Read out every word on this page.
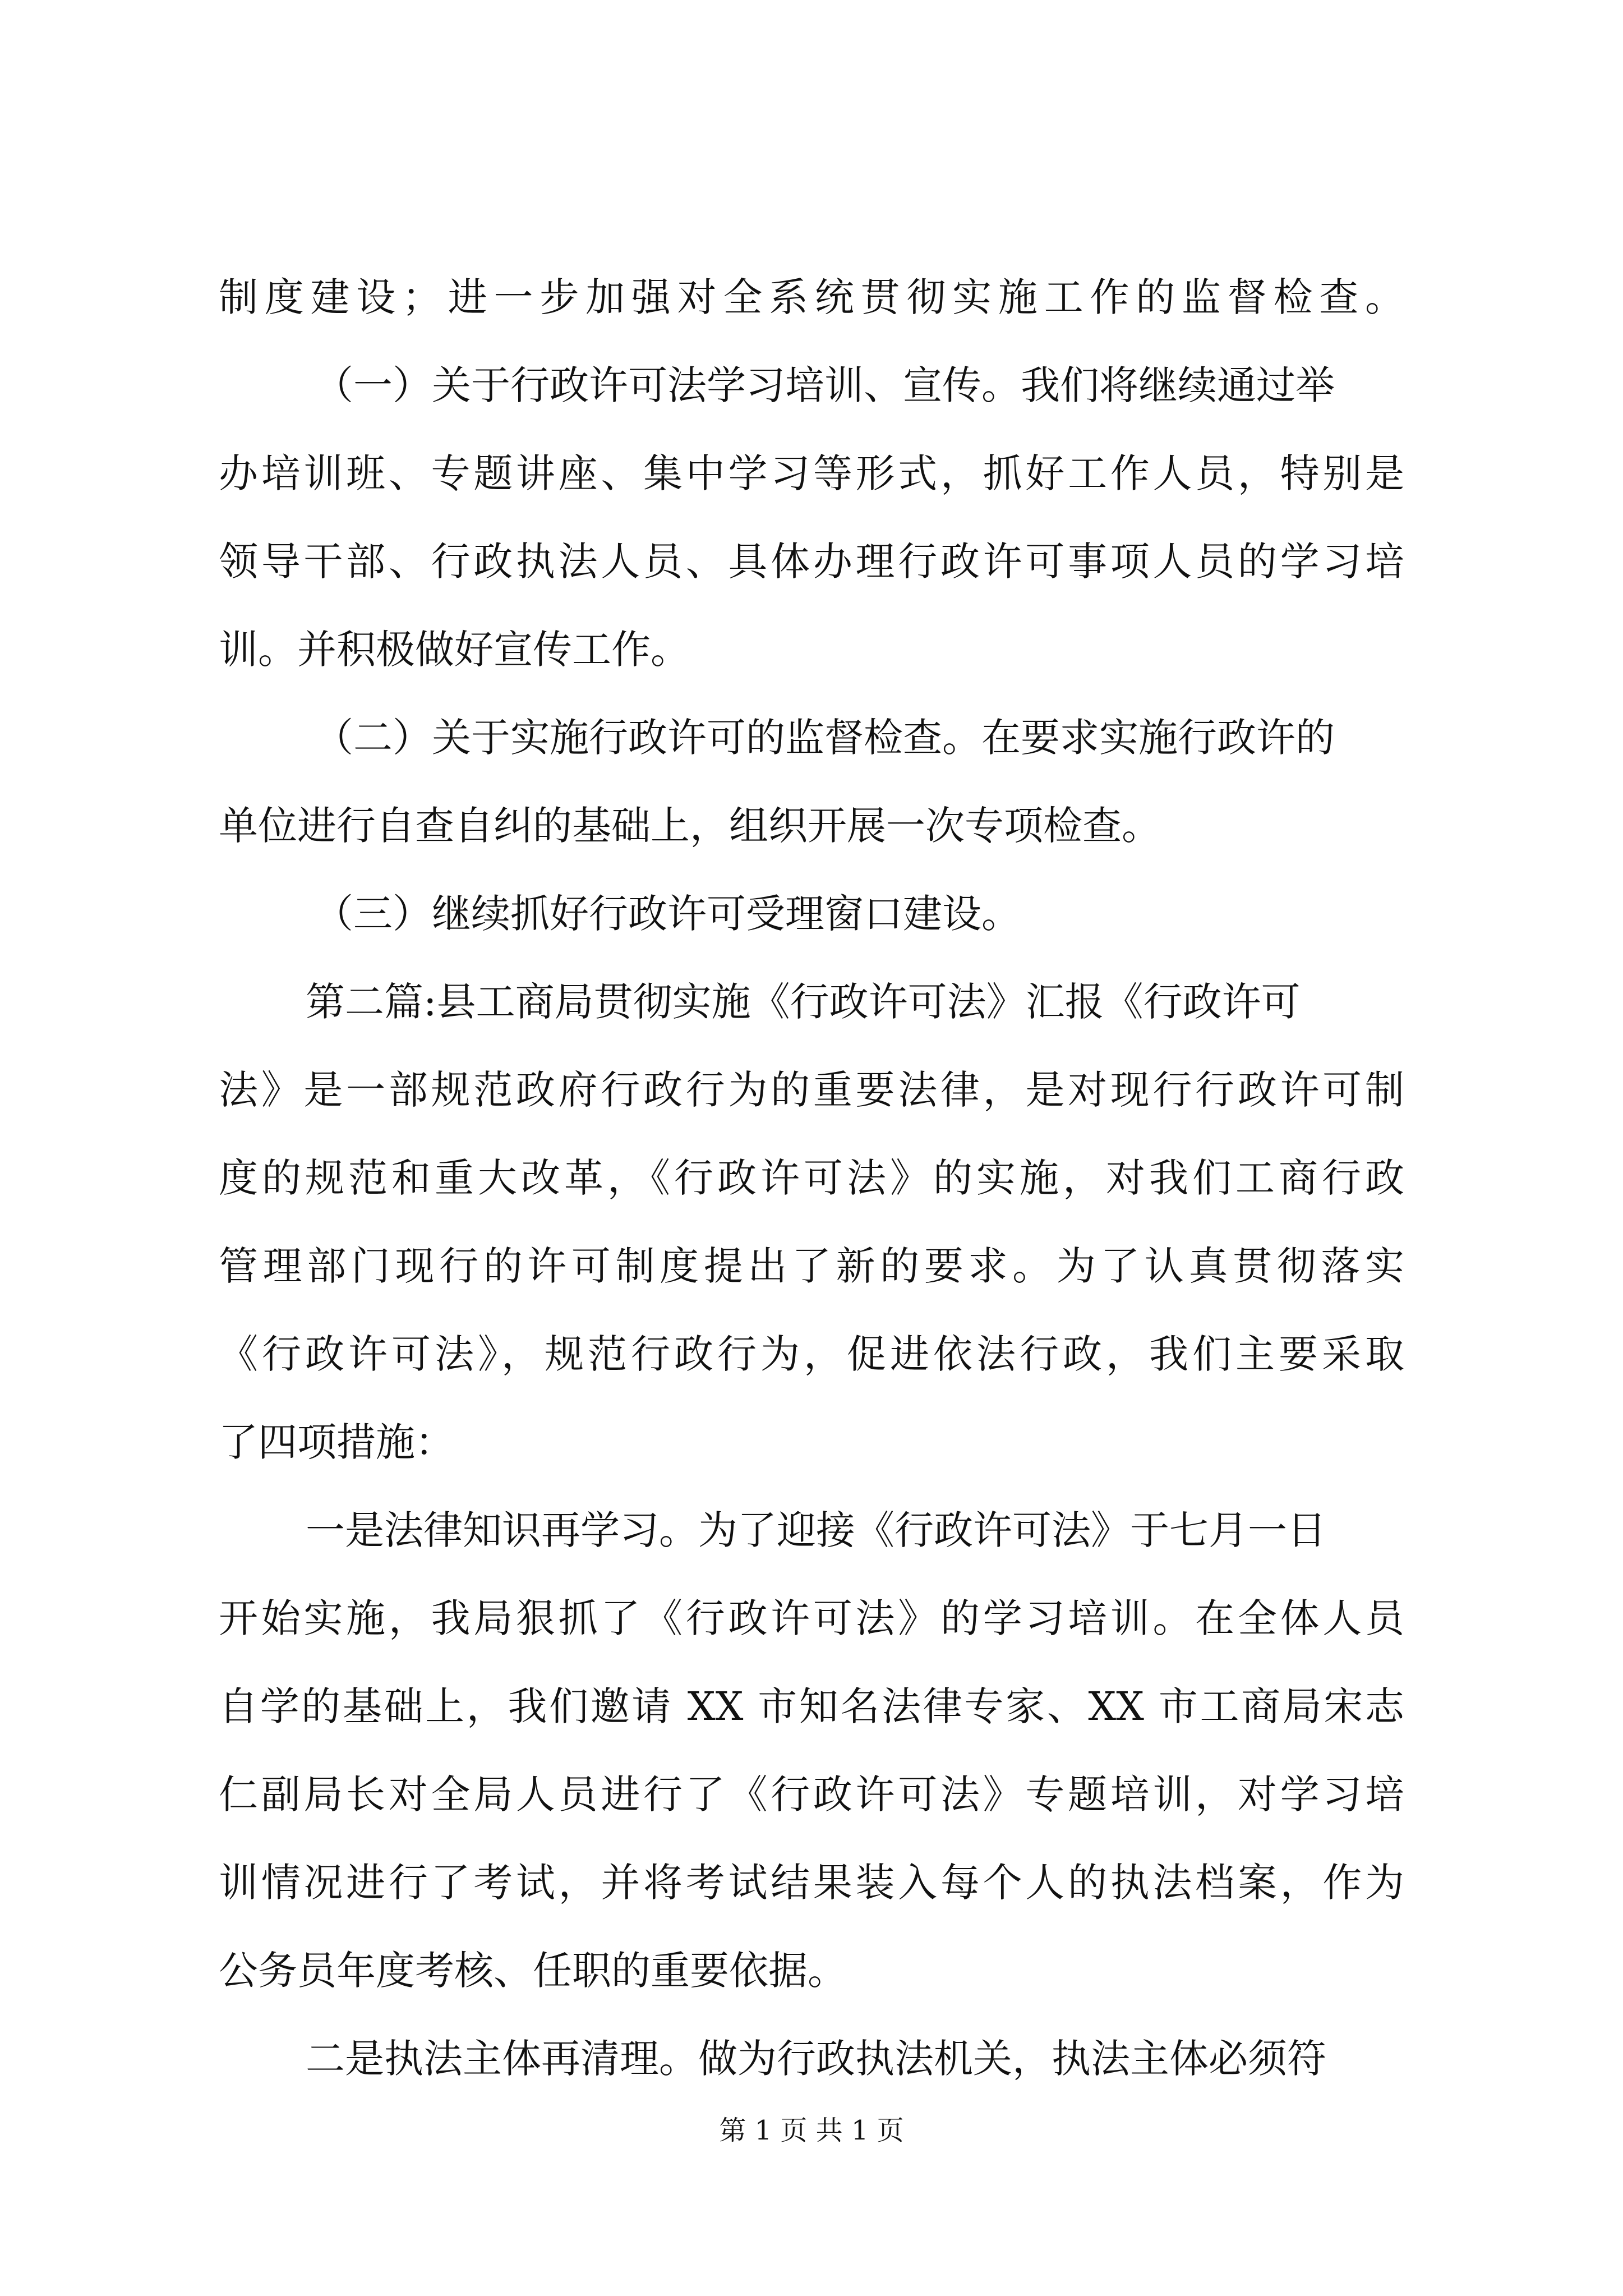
制度建设；进一步加强对全系统贯彻实施工作的监督检查。
（一）关于行政许可法学习培训、宣传。我们将继续通过举
办培训班、专题讲座、集中学习等形式，抓好工作人员，特别是
领导干部、行政执法人员、具体办理行政许可事项人员的学习培
训。并积极做好宣传工作。
（二）关于实施行政许可的监督检查。在要求实施行政许的
单位进行自查自纠的基础上，组织开展一次专项检查。
（三）继续抓好行政许可受理窗口建设。
第二篇:县工商局贯彻实施《行政许可法》汇报《行政许可
法》是一部规范政府行政行为的重要法律，是对现行行政许可制
度的规范和重大改革，《行政许可法》的实施，对我们工商行政
管理部门现行的许可制度提出了新的要求。为了认真贯彻落实
《行政许可法》，规范行政行为，促进依法行政，我们主要采取
了四项措施：
一是法律知识再学习。为了迎接《行政许可法》于七月一日
开始实施，我局狠抓了《行政许可法》的学习培训。在全体人员
自学的基础上，我们邀请 XX 市知名法律专家、XX 市工商局宋志
仁副局长对全局人员进行了《行政许可法》专题培训，对学习培
训情况进行了考试，并将考试结果装入每个人的执法档案，作为
公务员年度考核、任职的重要依据。
二是执法主体再清理。做为行政执法机关，执法主体必须符
第 1 页 共 1 页
